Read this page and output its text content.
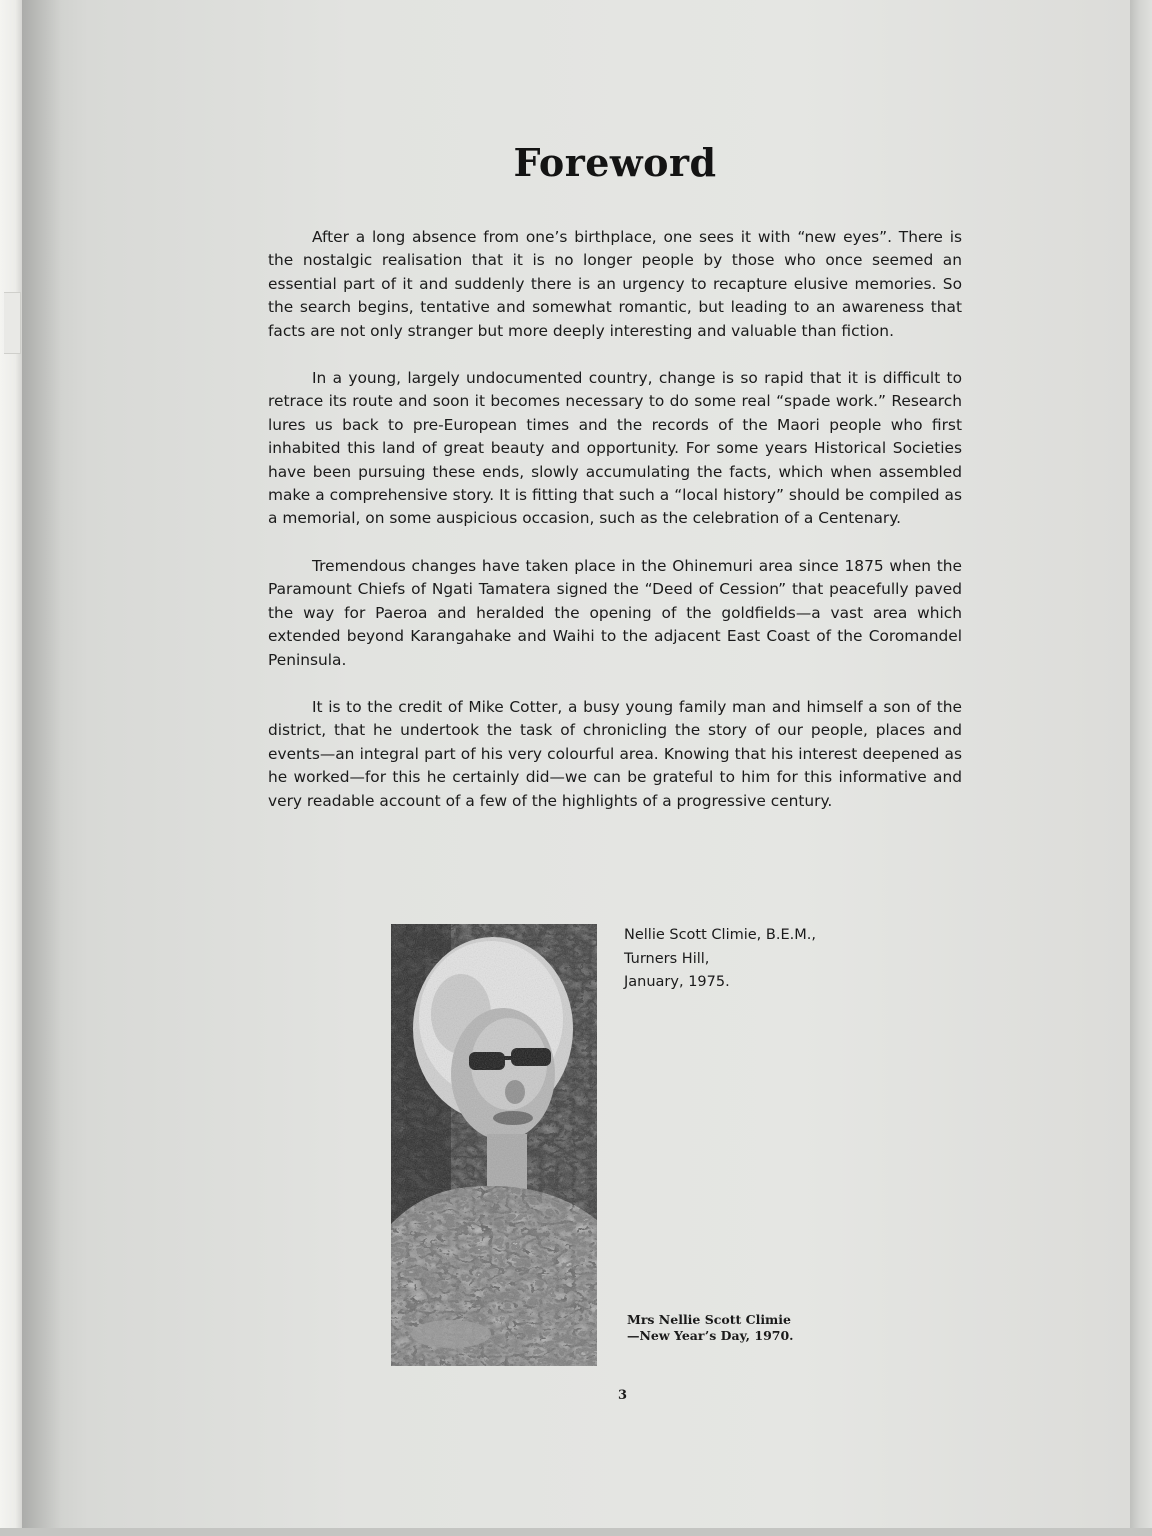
Foreword

After a long absence from one’s birthplace, one sees it with “new eyes”. There is the nostalgic realisation that it is no longer people by those who once seemed an essential part of it and suddenly there is an urgency to recapture elusive memories. So the search begins, tentative and somewhat romantic, but leading to an awareness that facts are not only stranger but more deeply interesting and valuable than fiction.

In a young, largely undocumented country, change is so rapid that it is difficult to retrace its route and soon it becomes necessary to do some real “spade work.” Research lures us back to pre-European times and the records of the Maori people who first inhabited this land of great beauty and opportunity. For some years Historical Societies have been pursuing these ends, slowly accumulating the facts, which when assembled make a comprehensive story. It is fitting that such a “local history” should be compiled as a memorial, on some auspicious occasion, such as the celebration of a Centenary.

Tremendous changes have taken place in the Ohinemuri area since 1875 when the Paramount Chiefs of Ngati Tamatera signed the “Deed of Cession” that peacefully paved the way for Paeroa and heralded the opening of the goldfields—a vast area which extended beyond Karangahake and Waihi to the adjacent East Coast of the Coromandel Peninsula.

It is to the credit of Mike Cotter, a busy young family man and himself a son of the district, that he undertook the task of chronicling the story of our people, places and events—an integral part of his very colourful area. Knowing that his interest deepened as he worked—for this he certainly did—we can be grateful to him for this informative and very readable account of a few of the highlights of a progressive century.

Nellie Scott Climie, B.E.M.,
Turners Hill,
January, 1975.
Mrs Nellie Scott Climie
—New Year’s Day, 1970.
3
